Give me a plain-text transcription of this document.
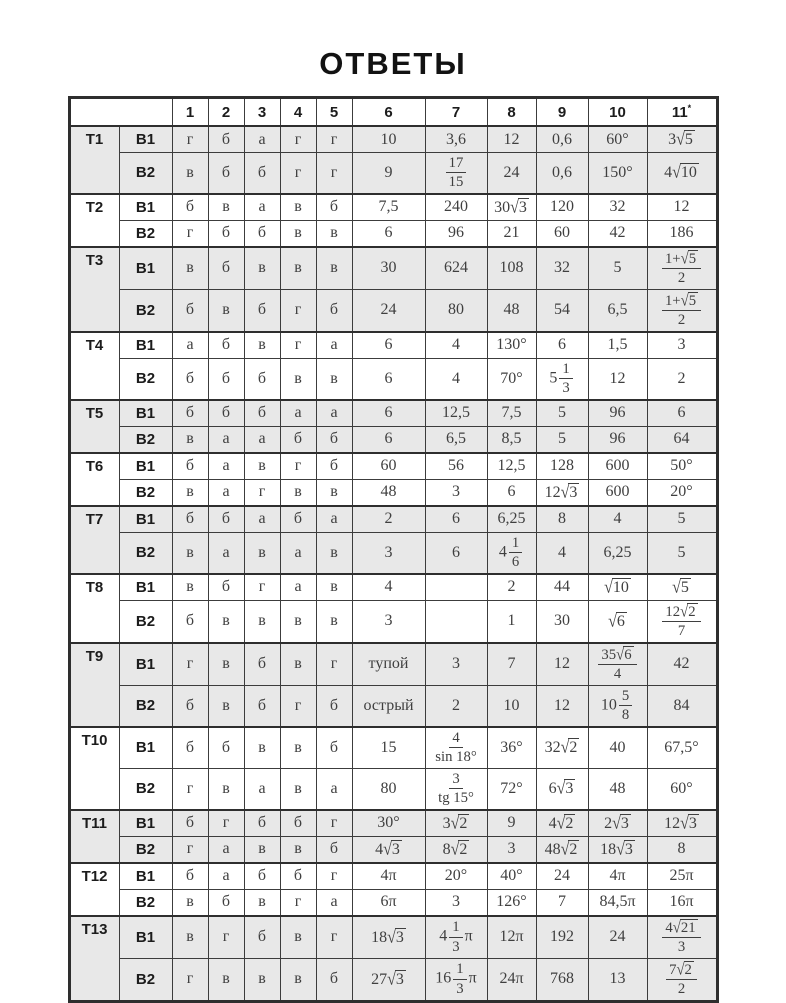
ОТВЕТЫ
		1	2	3	4	5	6	7	8	9	10	11*
Т1	В1	г	б	а	г	г	10	3,6	12	0,6	60°	3√5
	В2	в	б	б	г	г	9	$\frac{17}{15}$	24	0,6	150°	4√10
Т2	В1	б	в	а	в	б	7,5	240	30√3	120	32	12
	В2	г	б	б	в	в	6	96	21	60	42	186
Т3	В1	в	б	в	в	в	30	624	108	32	5	$\frac{1+√5}{2}$

	В2	б	в	б	г	б	24	80	48	54	6,5	$\frac{1+√5}{2}$

Т4	В1	а	б	в	г	а	6	4	130°	6	1,5	3
	В2	б	б	б	в	в	6	4	70°	$5 \frac{1}{3}$	12	2
Т5	В1	б	б	б	а	а	6	12,5	7,5	5	96	6
	В2	в	а	а	б	б	6	6,5	8,5	5	96	64
Т6	В1	б	а	в	г	б	60	56	12,5	128	600	50°
	В2	в	а	г	в	в	48	3	6	12√3	600	20°
Т7	В1	б	б	а	б	а	2	6	6,25	8	4	5
	В2	в	а	в	а	в	3	6	$4 \frac{1}{6}$	4	6,25	5
Т8	В1	в	б	г	а	в	4		2	44	√10	√5
	В2	б	в	в	в	в	3		1	30	√6	$\frac{12√2}{7}$

Т9	В1	г	в	б	в	г	тупой	3	7	12	$\frac{35√6}{4}$	42
	В2	б	в	б	г	б	острый	2	10	12	$10 \frac{5}{8}$	84
Т10	В1	б	б	в	в	б	15	$\frac{4}{\sin 18^\circ}$	36°	32√2	40	67,5°
	В2	г	в	а	в	а	80	$\frac{3}{tg 15^\circ}$	72°	6√3	48	60°
Т11	В1	б	г	б	б	г	30°	3√2	9	4√2	2√3	12√3
	В2	г	а	в	в	б	4√3	8√2	3	48√2	18√3	8
Т12	В1	б	а	б	б	г	4π	20°	40°	24	4π	25π
	В2	в	б	в	г	а	6π	3	126°	7	84,5π	16π
Т13	В1	в	г	б	в	г	18√3	$4 \frac{1}{3}$ π	12π	192	24	$\frac{4√21}{3}$

	В2	г	в	в	в	б	27√3	$16 \frac{1}{3}$ π	24π	768	13	$\frac{7√2}{2}$
